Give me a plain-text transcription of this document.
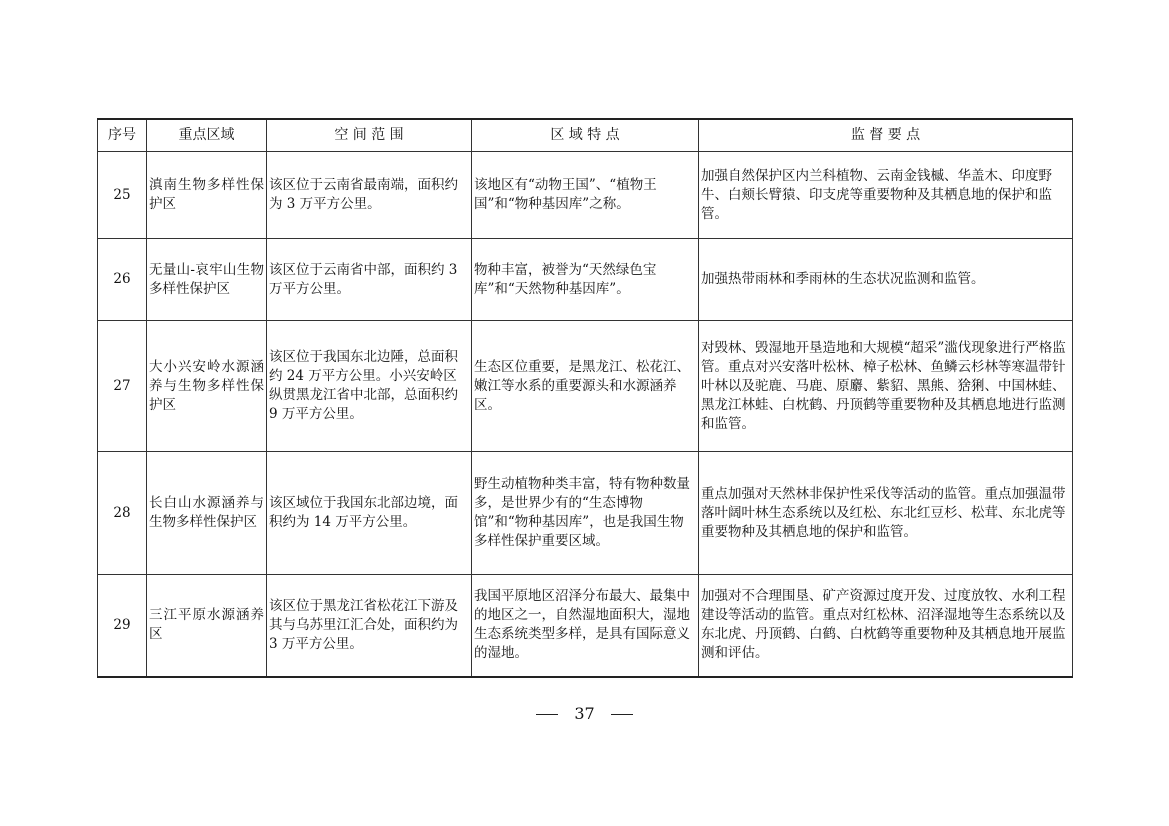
序号	重点区域	空 间 范 围	区 域 特 点	监 督 要 点
25	滇南生物多样性保护区	该区位于云南省最南端，面积约为 3 万平方公里。	该地区有“动物王国”、“植物王国”和“物种基因库”之称。	加强自然保护区内兰科植物、云南金钱槭、华盖木、印度野牛、白颊长臂猿、印支虎等重要物种及其栖息地的保护和监管。
26	无量山-哀牢山生物多样性保护区	该区位于云南省中部，面积约 3 万平方公里。	物种丰富，被誉为“天然绿色宝库”和“天然物种基因库”。	加强热带雨林和季雨林的生态状况监测和监管。
27	大小兴安岭水源涵养与生物多样性保护区	该区位于我国东北边陲，总面积约 24 万平方公里。小兴安岭区纵贯黑龙江省中北部，总面积约 9 万平方公里。	生态区位重要，是黑龙江、松花江、嫩江等水系的重要源头和水源涵养区。	对毁林、毁湿地开垦造地和大规模“超采”滥伐现象进行严格监管。重点对兴安落叶松林、樟子松林、鱼鳞云杉林等寒温带针叶林以及驼鹿、马鹿、原麝、紫貂、黑熊、猞猁、中国林蛙、黑龙江林蛙、白枕鹤、丹顶鹤等重要物种及其栖息地进行监测和监管。
28	长白山水源涵养与生物多样性保护区	该区域位于我国东北部边境，面积约为 14 万平方公里。	野生动植物种类丰富，特有物种数量多，是世界少有的“生态博物馆”和“物种基因库”，也是我国生物多样性保护重要区域。	重点加强对天然林非保护性采伐等活动的监管。重点加强温带落叶阔叶林生态系统以及红松、东北红豆杉、松茸、东北虎等重要物种及其栖息地的保护和监管。
29	三江平原水源涵养区	该区位于黑龙江省松花江下游及其与乌苏里江汇合处，面积约为 3 万平方公里。	我国平原地区沼泽分布最大、最集中的地区之一，自然湿地面积大，湿地生态系统类型多样，是具有国际意义的湿地。	加强对不合理围垦、矿产资源过度开发、过度放牧、水利工程建设等活动的监管。重点对红松林、沼泽湿地等生态系统以及东北虎、丹顶鹤、白鹤、白枕鹤等重要物种及其栖息地开展监测和评估。
37
